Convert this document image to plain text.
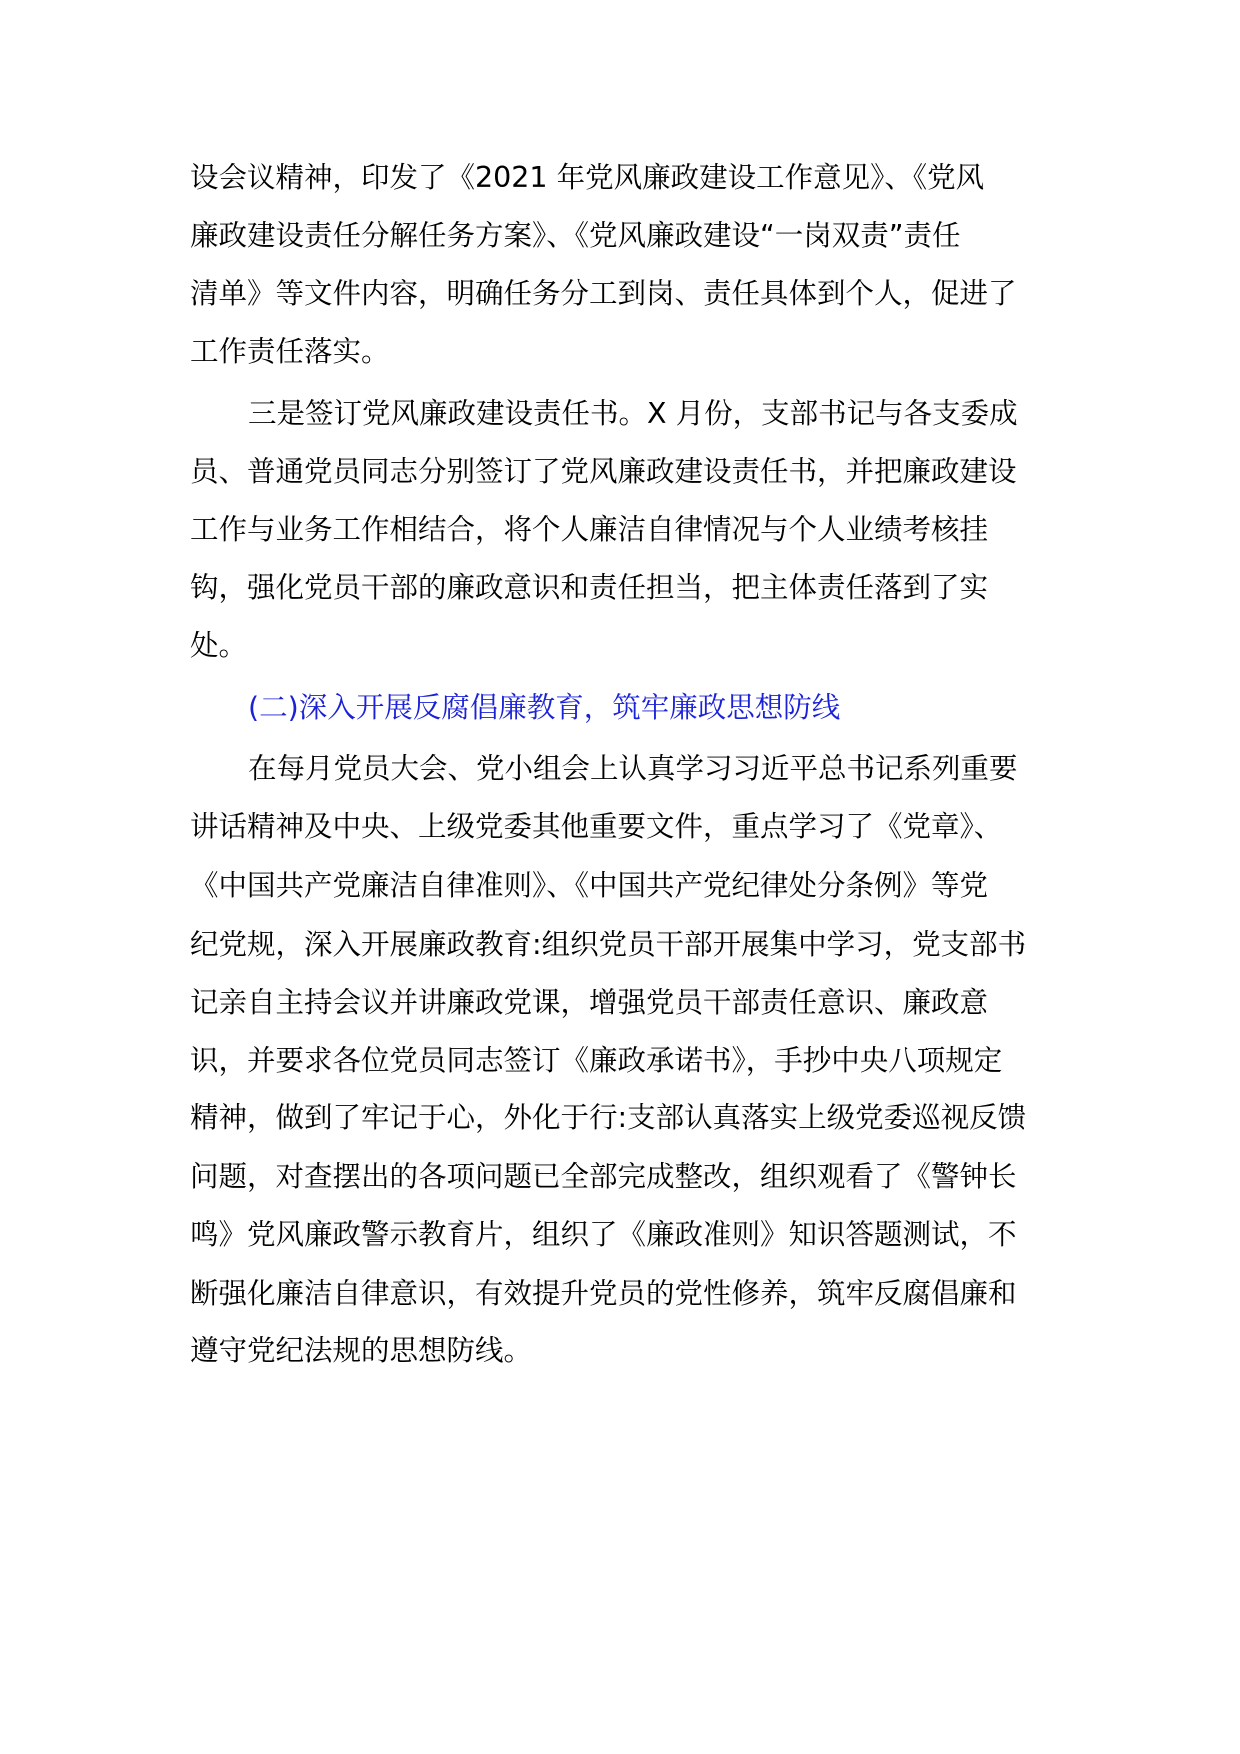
设会议精神，印发了《2021 年党风廉政建设工作意见》、《党风
廉政建设责任分解任务方案》、《党风廉政建设“一岗双责”责任
清单》等文件内容，明确任务分工到岗、责任具体到个人，促进了
工作责任落实。
三是签订党风廉政建设责任书。X 月份，支部书记与各支委成
员、普通党员同志分别签订了党风廉政建设责任书，并把廉政建设
工作与业务工作相结合，将个人廉洁自律情况与个人业绩考核挂
钩，强化党员干部的廉政意识和责任担当，把主体责任落到了实
处。
(二)深入开展反腐倡廉教育，筑牢廉政思想防线
在每月党员大会、党小组会上认真学习习近平总书记系列重要
讲话精神及中央、上级党委其他重要文件，重点学习了《党章》、
《中国共产党廉洁自律准则》、《中国共产党纪律处分条例》等党
纪党规，深入开展廉政教育:组织党员干部开展集中学习，党支部书
记亲自主持会议并讲廉政党课，增强党员干部责任意识、廉政意
识，并要求各位党员同志签订《廉政承诺书》，手抄中央八项规定
精神，做到了牢记于心，外化于行:支部认真落实上级党委巡视反馈
问题，对查摆出的各项问题已全部完成整改，组织观看了《警钟长
鸣》党风廉政警示教育片，组织了《廉政准则》知识答题测试，不
断强化廉洁自律意识，有效提升党员的党性修养，筑牢反腐倡廉和
遵守党纪法规的思想防线。
